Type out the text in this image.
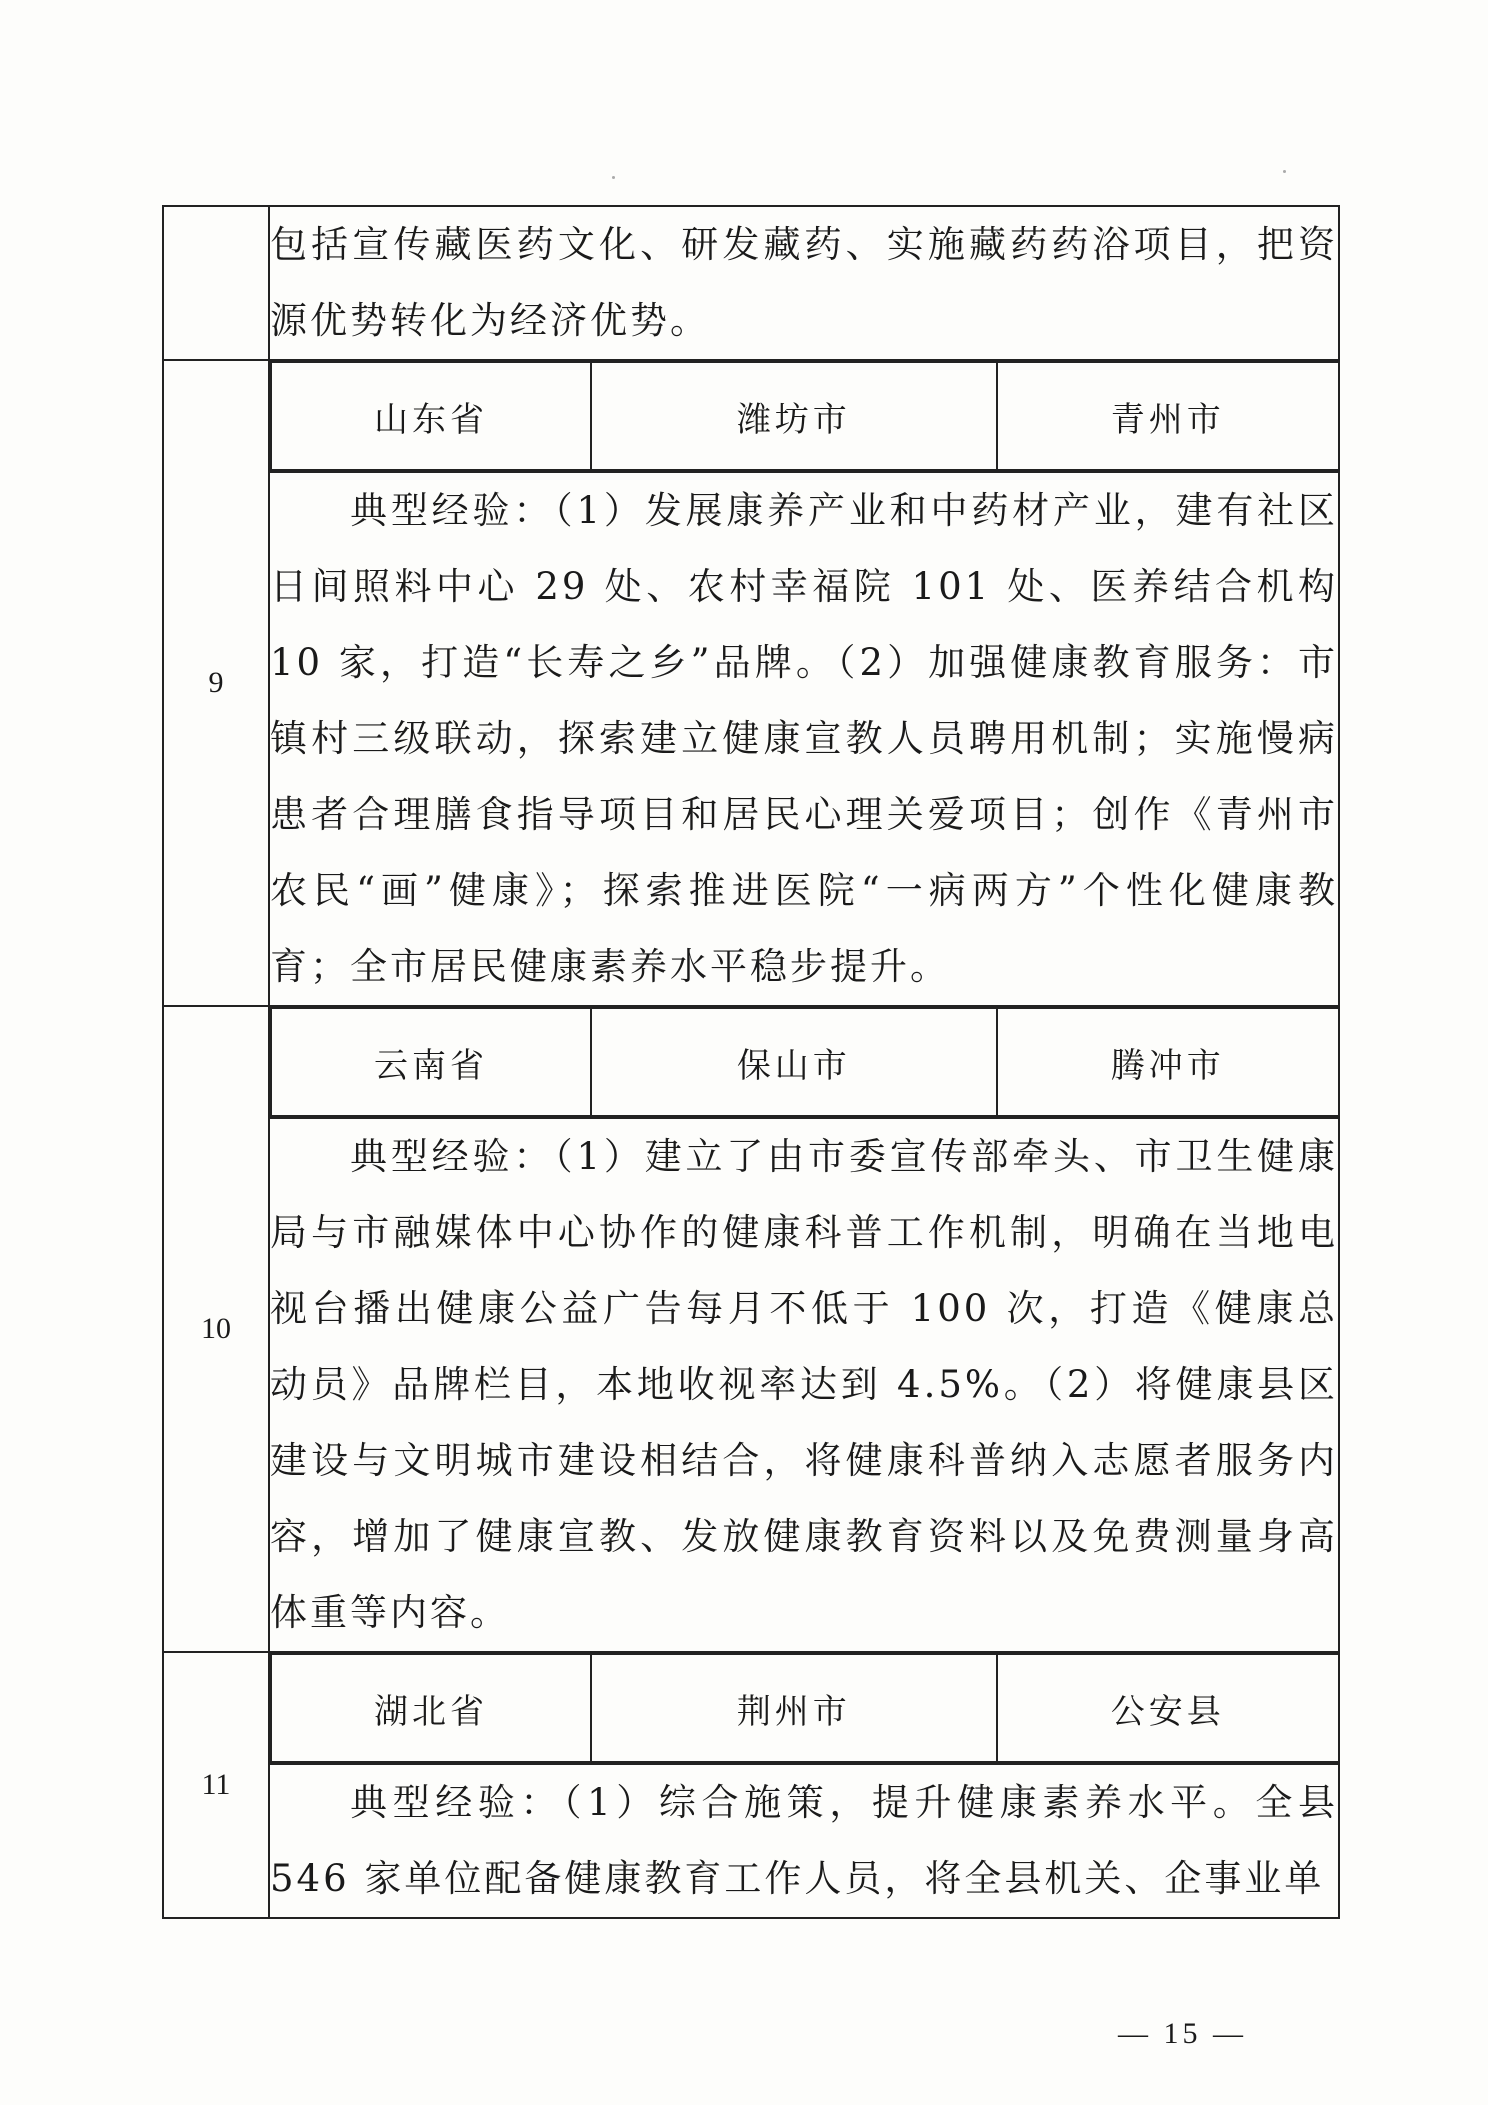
包括宣传藏医药文化、研发藏药、实施藏药药浴项目，把资源优势转化为经济优势。

9	
山东省	潍坊市	青州市

典型经验：（1）发展康养产业和中药材产业，建有社区日间照料中心 29 处、农村幸福院 101 处、医养结合机构 10 家，打造“长寿之乡”品牌。（2）加强健康教育服务：市镇村三级联动，探索建立健康宣教人员聘用机制；实施慢病患者合理膳食指导项目和居民心理关爱项目；创作《青州市农民“画”健康》；探索推进医院“一病两方”个性化健康教育；全市居民健康素养水平稳步提升。

10	
云南省	保山市	腾冲市

典型经验：（1）建立了由市委宣传部牵头、市卫生健康局与市融媒体中心协作的健康科普工作机制，明确在当地电视台播出健康公益广告每月不低于 100 次，打造《健康总动员》品牌栏目，本地收视率达到 4.5%。（2）将健康县区建设与文明城市建设相结合，将健康科普纳入志愿者服务内容，增加了健康宣教、发放健康教育资料以及免费测量身高体重等内容。

11	
湖北省	荆州市	公安县

典型经验：（1）综合施策，提升健康素养水平。全县 546 家单位配备健康教育工作人员，将全县机关、企事业单

— 15 —
